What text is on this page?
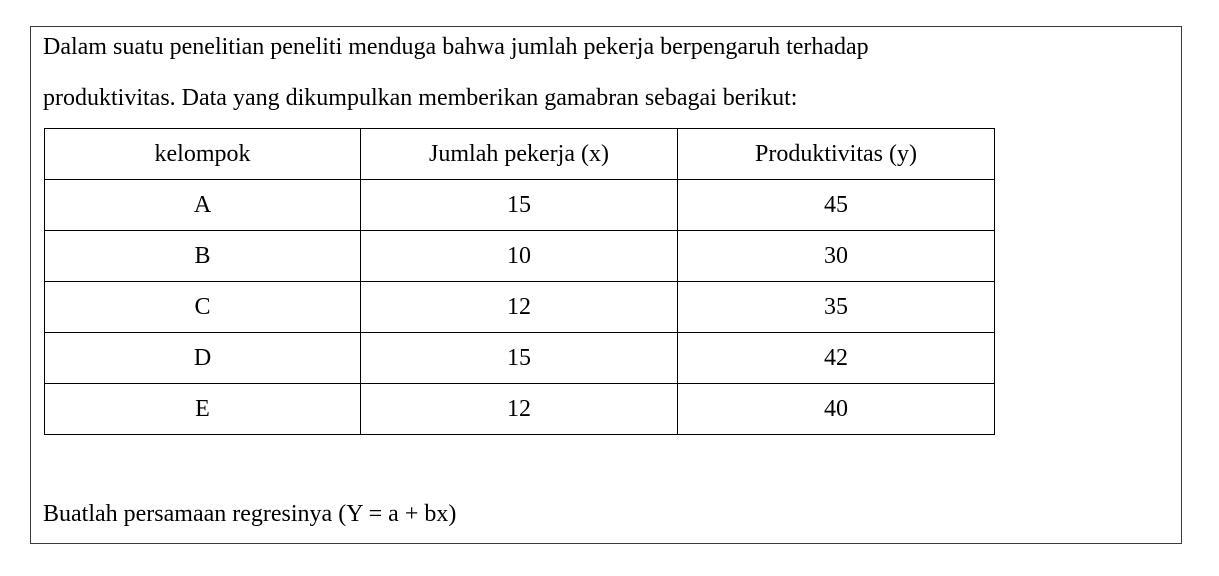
Dalam suatu penelitian peneliti menduga bahwa jumlah pekerja berpengaruh terhadap
produktivitas. Data yang dikumpulkan memberikan gamabran sebagai berikut:
kelompok	Jumlah pekerja (x)	Produktivitas (y)
A	15	45
B	10	30
C	12	35
D	15	42
E	12	40
Buatlah persamaan regresinya (Y = a + bx)
